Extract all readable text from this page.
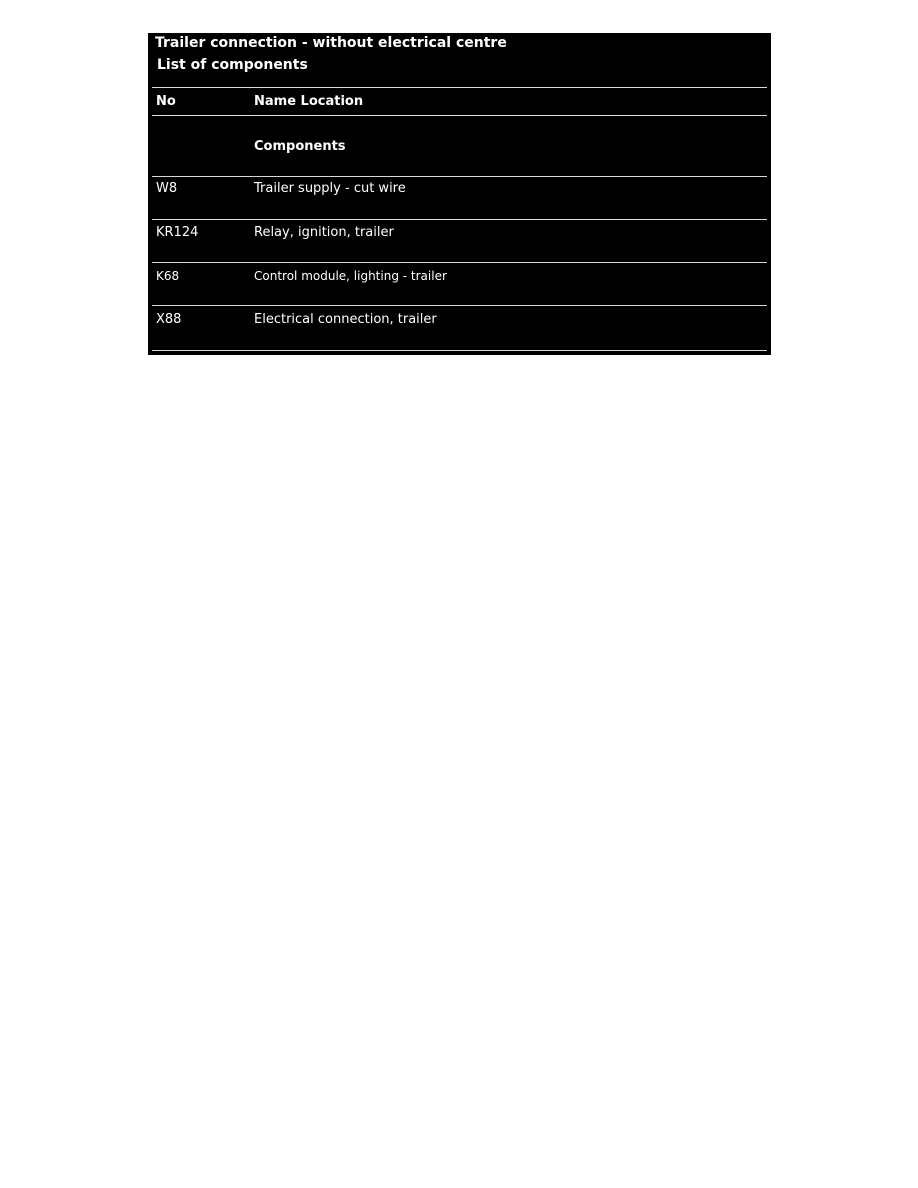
Trailer connection - without electrical centre
List of components
No	Name Location
Components
W8	Trailer supply - cut wire
KR124	Relay, ignition, trailer
K68	Control module, lighting - trailer
X88	Electrical connection, trailer
